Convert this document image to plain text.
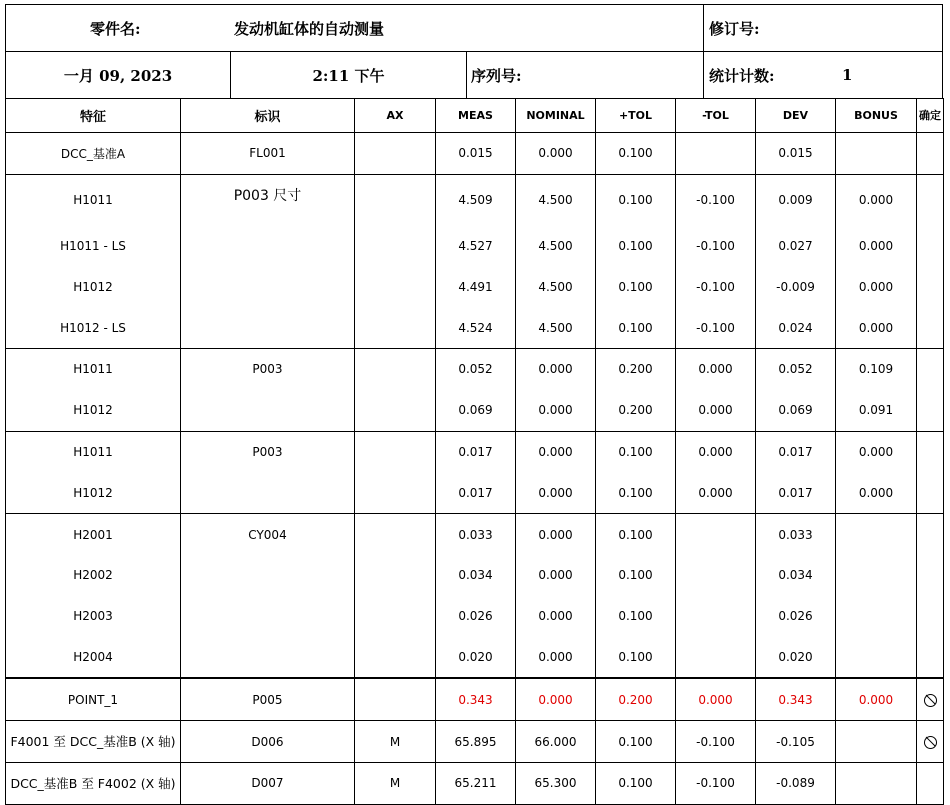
零件名:	发动机缸体的自动测量	修订号:
一月 09, 2023	2:11 下午	序列号:	统计计数:	1
特征	标识	AX	MEAS	NOMINAL	+TOL	-TOL	DEV	BONUS	确定
DCC_基准A	FL001		0.015	0.000	0.100		0.015		
H1011	P003 尺寸		4.509	4.500	0.100	-0.100	0.009	0.000	
H1011 - LS			4.527	4.500	0.100	-0.100	0.027	0.000	
H1012			4.491	4.500	0.100	-0.100	-0.009	0.000	
H1012 - LS			4.524	4.500	0.100	-0.100	0.024	0.000	
H1011	P003		0.052	0.000	0.200	0.000	0.052	0.109	
H1012			0.069	0.000	0.200	0.000	0.069	0.091	
H1011	P003		0.017	0.000	0.100	0.000	0.017	0.000	
H1012			0.017	0.000	0.100	0.000	0.017	0.000	
H2001	CY004		0.033	0.000	0.100		0.033		
H2002			0.034	0.000	0.100		0.034		
H2003			0.026	0.000	0.100		0.026		
H2004			0.020	0.000	0.100		0.020		
POINT_1	P005		0.343	0.000	0.200	0.000	0.343	0.000	
F4001 至 DCC_基准B (X 轴)	D006	M	65.895	66.000	0.100	-0.100	-0.105		
DCC_基准B 至 F4002 (X 轴)	D007	M	65.211	65.300	0.100	-0.100	-0.089		
